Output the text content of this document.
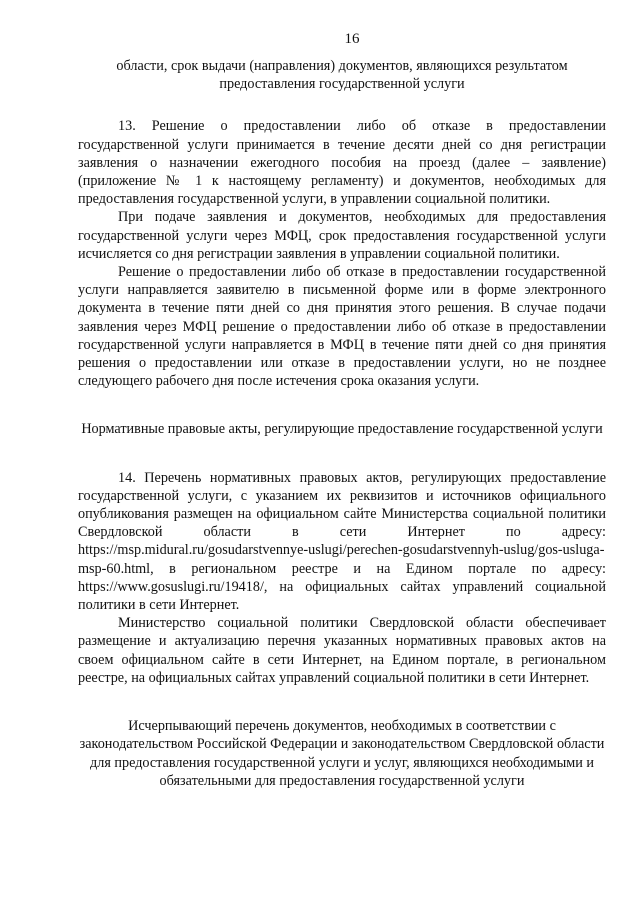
16

области, срок выдачи (направления) документов, являющихся результатом предоставления государственной услуги

13. Решение о предоставлении либо об отказе в предоставлении государственной услуги принимается в течение десяти дней со дня регистрации заявления о назначении ежегодного пособия на проезд (далее – заявление) (приложение № 1 к настоящему регламенту) и документов, необходимых для предоставления государственной услуги, в управлении социальной политики.

При подаче заявления и документов, необходимых для предоставления государственной услуги через МФЦ, срок предоставления государственной услуги исчисляется со дня регистрации заявления в управлении социальной политики.

Решение о предоставлении либо об отказе в предоставлении государственной услуги направляется заявителю в письменной форме или в форме электронного документа в течение пяти дней со дня принятия этого решения. В случае подачи заявления через МФЦ решение о предоставлении либо об отказе в предоставлении государственной услуги направляется в МФЦ в течение пяти дней со дня принятия решения о предоставлении или отказе в предоставлении услуги, но не позднее следующего рабочего дня после истечения срока оказания услуги.

Нормативные правовые акты, регулирующие предоставление государственной услуги

14. Перечень нормативных правовых актов, регулирующих предоставление государственной услуги, с указанием их реквизитов и источников официального опубликования размещен на официальном сайте Министерства социальной политики Свердловской области в сети Интернет по адресу: https://msp.midural.ru/gosudarstvennye-uslugi/perechen-gosudarstvennyh-uslug/gos-usluga-msp-60.html, в региональном реестре и на Едином портале по адресу: https://www.gosuslugi.ru/19418/, на официальных сайтах управлений социальной политики в сети Интернет.

Министерство социальной политики Свердловской области обеспечивает размещение и актуализацию перечня указанных нормативных правовых актов на своем официальном сайте в сети Интернет, на Едином портале, в региональном реестре, на официальных сайтах управлений социальной политики в сети Интернет.

Исчерпывающий перечень документов, необходимых в соответствии с законодательством Российской Федерации и законодательством Свердловской области для предоставления государственной услуги и услуг, являющихся необходимыми и обязательными для предоставления государственной услуги
